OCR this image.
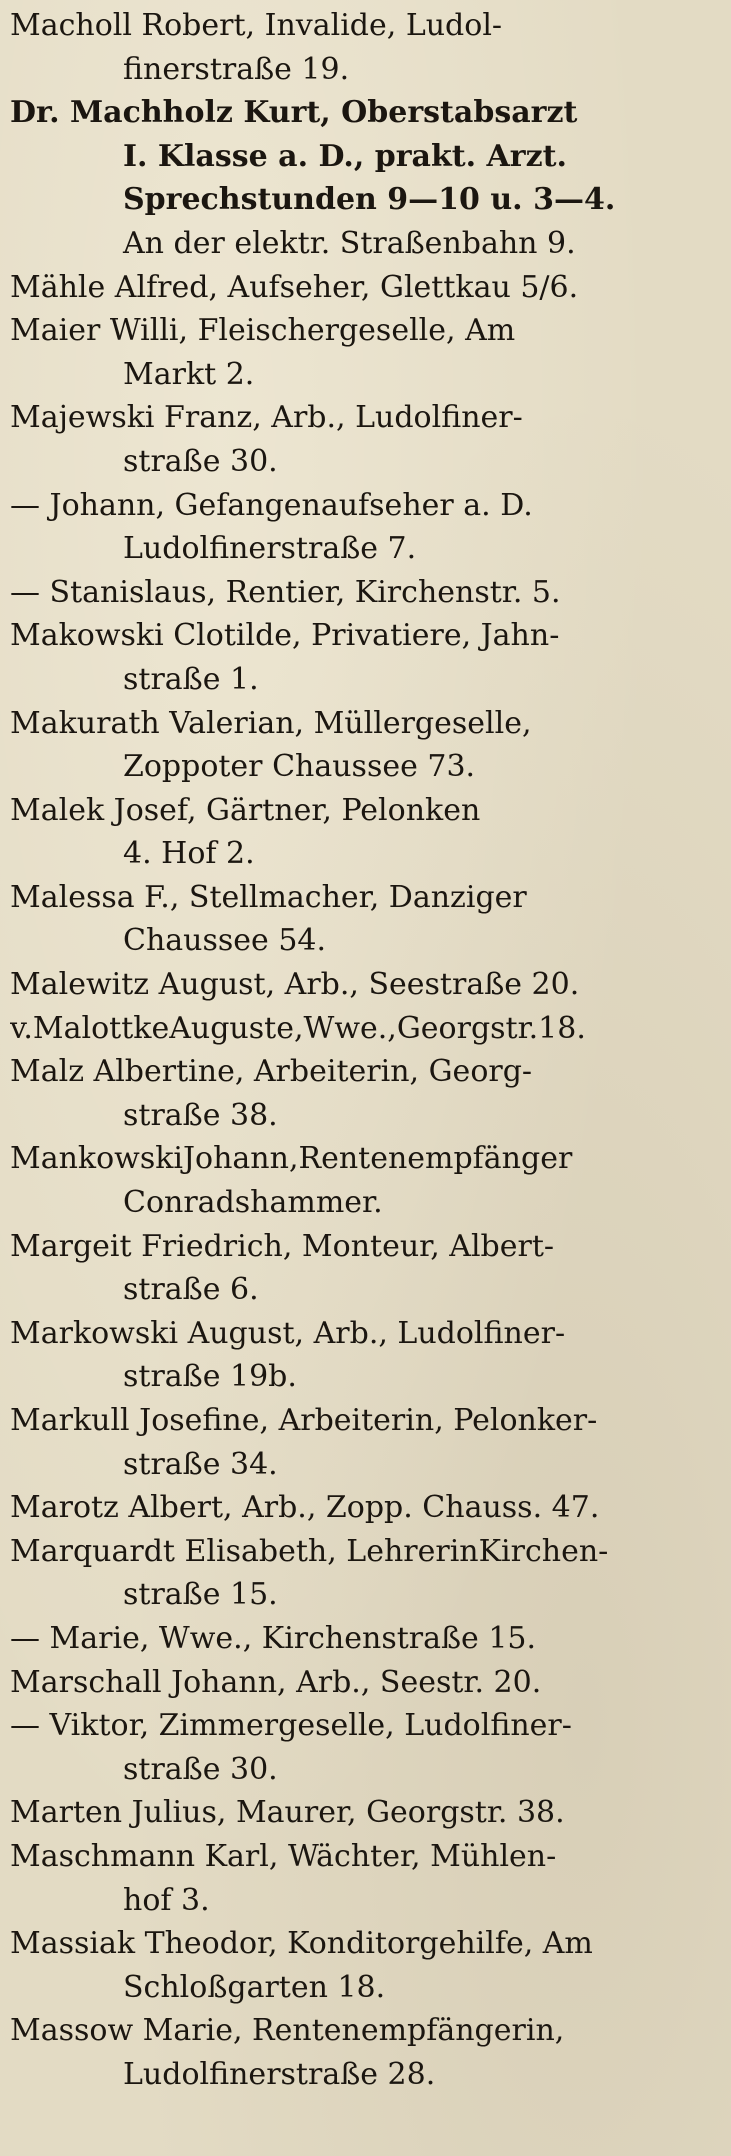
Macholl Robert, Invalide, Ludol-
finerstraße 19.
Dr. Machholz Kurt, Oberstabsarzt
I. Klasse a. D., prakt. Arzt.
Sprechstunden 9—10 u. 3—4.
An der elektr. Straßenbahn 9.
Mähle Alfred, Aufseher, Glettkau 5/6.
Maier Willi, Fleischergeselle, Am
Markt 2.
Majewski Franz, Arb., Ludolfiner-
straße 30.
— Johann, Gefangenaufseher a. D.
Ludolfinerstraße 7.
— Stanislaus, Rentier, Kirchenstr. 5.
Makowski Clotilde, Privatiere, Jahn-
straße 1.
Makurath Valerian, Müllergeselle,
Zoppoter Chaussee 73.
Malek Josef, Gärtner, Pelonken
4. Hof 2.
Malessa F., Stellmacher, Danziger
Chaussee 54.
Malewitz August, Arb., Seestraße 20.
v.MalottkeAuguste,Wwe.,Georgstr.18.
Malz Albertine, Arbeiterin, Georg-
straße 38.
MankowskiJohann,Rentenempfänger
Conradshammer.
Margeit Friedrich, Monteur, Albert-
straße 6.
Markowski August, Arb., Ludolfiner-
straße 19b.
Markull Josefine, Arbeiterin, Pelonker-
straße 34.
Marotz Albert, Arb., Zopp. Chauss. 47.
Marquardt Elisabeth, LehrerinKirchen-
straße 15.
— Marie, Wwe., Kirchenstraße 15.
Marschall Johann, Arb., Seestr. 20.
— Viktor, Zimmergeselle, Ludolfiner-
straße 30.
Marten Julius, Maurer, Georgstr. 38.
Maschmann Karl, Wächter, Mühlen-
hof 3.
Massiak Theodor, Konditorgehilfe, Am
Schloßgarten 18.
Massow Marie, Rentenempfängerin,
Ludolfinerstraße 28.
